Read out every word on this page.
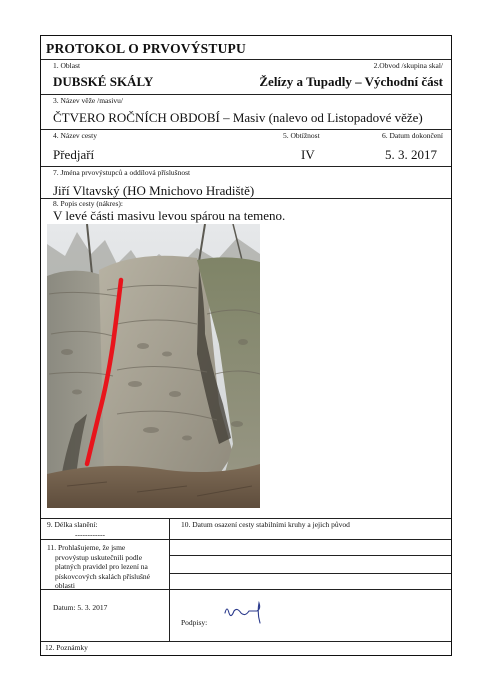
PROTOKOL O PRVOVÝSTUPU
1. Oblast
DUBSKÉ SKÁLY
2.Obvod /skupina skal/
Želízy a Tupadly – Východní část
3. Název věže /masivu/
ČTVERO ROČNÍCH OBDOBÍ – Masiv (nalevo od Listopadové věže)
4. Název cesty
Předjaří
5. Obtížnost
IV
6. Datum dokončení
5. 3. 2017
7. Jména prvovýstupců a oddílová příslušnost
Jiří Vltavský (HO Mnichovo Hradiště)
8. Popis cesty (nákres):
V levé části masivu levou spárou na temeno.
9. Délka slanění:
------------
10. Datum osazení cesty stabilními kruhy a jejich původ
11. Prohlašujeme, že jsme
prvovýstup uskutečnili podle
platných pravidel pro lezení na
pískovcových skalách příslušné
oblasti
Datum: 5. 3. 2017
Podpisy:
12. Poznámky
